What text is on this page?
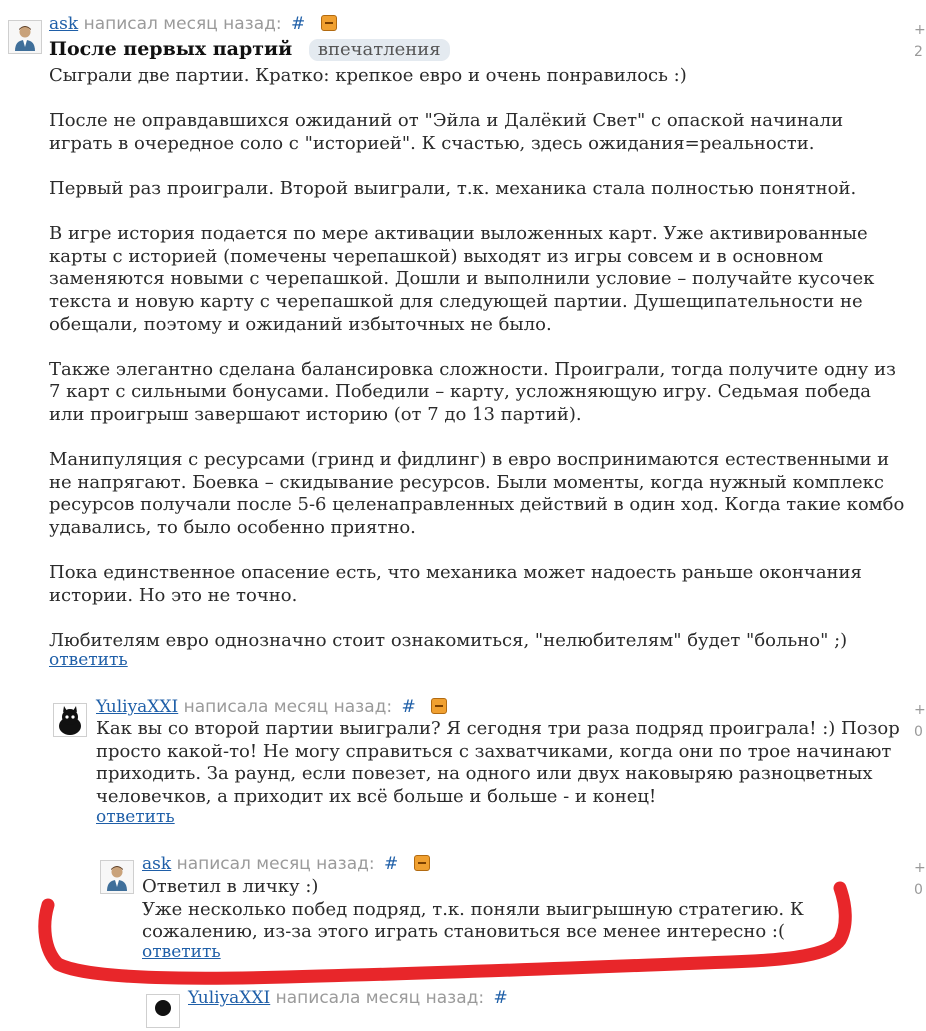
ask написал месяц назад: #
После первых партий впечатления

Сыграли две партии. Кратко: крепкое евро и очень понравилось :)

После не оправдавшихся ожиданий от "Эйла и Далёкий Свет" с опаской начинали

играть в очередное соло с "историей". К счастью, здесь ожидания=реальности.

Первый раз проиграли. Второй выиграли, т.к. механика стала полностью понятной.

В игре история подается по мере активации выложенных карт. Уже активированные

карты с историей (помечены черепашкой) выходят из игры совсем и в основном

заменяются новыми с черепашкой. Дошли и выполнили условие – получайте кусочек

текста и новую карту с черепашкой для следующей партии. Душещипательности не

обещали, поэтому и ожиданий избыточных не было.

Также элегантно сделана балансировка сложности. Проиграли, тогда получите одну из

7 карт с сильными бонусами. Победили – карту, усложняющую игру. Седьмая победа

или проигрыш завершают историю (от 7 до 13 партий).

Манипуляция с ресурсами (гринд и фидлинг) в евро воспринимаются естественными и

не напрягают. Боевка – скидывание ресурсов. Были моменты, когда нужный комплекс

ресурсов получали после 5-6 целенаправленных действий в один ход. Когда такие комбо

удавались, то было особенно приятно.

Пока единственное опасение есть, что механика может надоесть раньше окончания

истории. Но это не точно.

Любителям евро однозначно стоит ознакомиться, "нелюбителям" будет "больно" ;)

ответить
+
2
YuliyaXXI написала месяц назад: #

Как вы со второй партии выиграли? Я сегодня три раза подряд проиграла! :) Позор

просто какой-то! Не могу справиться с захватчиками, когда они по трое начинают

приходить. За раунд, если повезет, на одного или двух наковыряю разноцветных

человечков, а приходит их всё больше и больше - и конец!

ответить
+
0
ask написал месяц назад: #

Ответил в личку :)

Уже несколько побед подряд, т.к. поняли выигрышную стратегию. К

сожалению, из-за этого играть становиться все менее интересно :(

ответить
+
0
YuliyaXXI написала месяц назад: #
